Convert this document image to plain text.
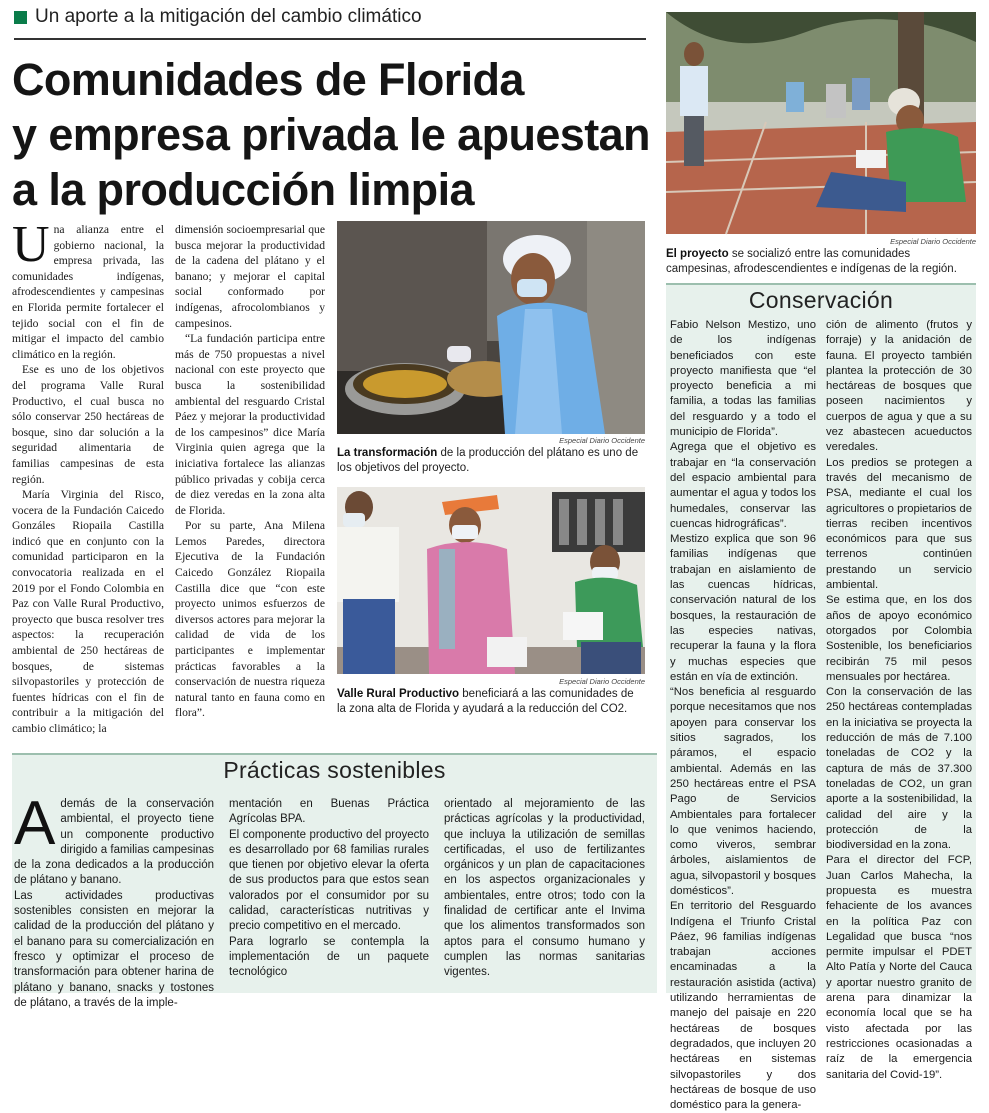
Un aporte a la mitigación del cambio climático
Comunidades de Florida
y empresa privada le apuestan
a la producción limpia

Una alianza entre el gobierno nacional, la empresa privada, las comunidades indígenas, afrodescendientes y campesinas en Florida permite fortalecer el tejido social con el fin de mitigar el impacto del cambio climático en la región.

Ese es uno de los objetivos del programa Valle Rural Productivo, el cual busca no sólo conservar 250 hectáreas de bosque, sino dar solución a la seguridad alimentaria de familias campesinas de esta región.

María Virginia del Risco, vocera de la Fundación Caicedo Gonzáles Riopaila Castilla indicó que en conjunto con la comunidad participaron en la convocatoria realizada en el 2019 por el Fondo Colombia en Paz con Valle Rural Productivo, proyecto que busca resolver tres aspectos: la recuperación ambiental de 250 hectáreas de bosques, de sistemas silvopastoriles y protección de fuentes hídricas con el fin de contribuir a la mitigación del cambio climático; la

dimensión socioempresarial que busca mejorar la productividad de la cadena del plátano y el banano; y mejorar el capital social conformado por indígenas, afrocolombianos y campesinos.

“La fundación participa entre más de 750 propuestas a nivel nacional con este proyecto que busca la sostenibilidad ambiental del resguardo Cristal Páez y mejorar la productividad de los campesinos” dice María Virginia quien agrega que la iniciativa fortalece las alianzas público privadas y cobija cerca de diez veredas en la zona alta de Florida.

Por su parte, Ana Milena Lemos Paredes, directora Ejecutiva de la Fundación Caicedo González Riopaila Castilla dice que “con este proyecto unimos esfuerzos de diversos actores para mejorar la calidad de vida de los participantes e implementar prácticas favorables a la conservación de nuestra riqueza natural tanto en fauna como en flora”.

Especial Diario Occidente
La transformación de la producción del plátano es uno de los objetivos del proyecto.
Especial Diario Occidente
Valle Rural Productivo beneficiará a las comunidades de la zona alta de Florida y ayudará a la reducción del CO2.
Especial Diario Occidente
El proyecto se socializó entre las comunidades campesinas, afrodescendientes e indígenas de la región.
Conservación

Fabio Nelson Mestizo, uno de los indígenas beneficiados con este proyecto manifiesta que “el proyecto beneficia a mi familia, a todas las familias del resguardo y a todo el municipio de Florida”.

Agrega que el objetivo es trabajar en “la conservación del espacio ambiental para aumentar el agua y todos los humedales, conservar las cuencas hidrográficas”.

Mestizo explica que son 96 familias indígenas que trabajan en aislamiento de las cuencas hídricas, conservación natural de los bosques, la restauración de las especies nativas, recuperar la fauna y la flora y muchas especies que están en vía de extinción.

“Nos beneficia al resguardo porque necesitamos que nos apoyen para conservar los sitios sagrados, los páramos, el espacio ambiental. Además en las 250 hectáreas entre el PSA Pago de Servicios Ambientales para fortalecer lo que venimos haciendo, como viveros, sembrar árboles, aislamientos de agua, silvopastoril y bosques domésticos”.

En territorio del Resguardo Indígena el Triunfo Cristal Páez, 96 familias indígenas trabajan acciones encaminadas a la restauración asistida (activa) utilizando herramientas de manejo del paisaje en 220 hectáreas de bosques degradados, que incluyen 20 hectáreas en sistemas silvopastoriles y dos hectáreas de bosque de uso doméstico para la genera-

ción de alimento (frutos y forraje) y la anidación de fauna. El proyecto también plantea la protección de 30 hectáreas de bosques que poseen nacimientos y cuerpos de agua y que a su vez abastecen acueductos veredales.

Los predios se protegen a través del mecanismo de PSA, mediante el cual los agricultores o propietarios de tierras reciben incentivos económicos para que sus terrenos continúen prestando un servicio ambiental.

Se estima que, en los dos años de apoyo económico otorgados por Colombia Sostenible, los beneficiarios recibirán 75 mil pesos mensuales por hectárea.

Con la conservación de las 250 hectáreas contempladas en la iniciativa se proyecta la reducción de más de 7.100 toneladas de CO2 y la captura de más de 37.300 toneladas de CO2, un gran aporte a la sostenibilidad, la calidad del aire y la protección de la biodiversidad en la zona.

Para el director del FCP, Juan Carlos Mahecha, la propuesta es muestra fehaciente de los avances en la política Paz con Legalidad que busca “nos permite impulsar el PDET Alto Patía y Norte del Cauca y aportar nuestro granito de arena para dinamizar la economía local que se ha visto afectada por las restricciones ocasionadas a raíz de la emergencia sanitaria del Covid-19”.

Prácticas sostenibles

Además de la conservación ambiental, el proyecto tiene un componente productivo dirigido a familias campesinas de la zona dedicados a la producción de plátano y banano.

Las actividades productivas sostenibles consisten en mejorar la calidad de la producción del plátano y el banano para su comercialización en fresco y optimizar el proceso de transformación para obtener harina de plátano y banano, snacks y tostones de plátano, a través de la imple-

mentación en Buenas Práctica Agrícolas BPA.

El componente productivo del proyecto es desarrollado por 68 familias rurales que tienen por objetivo elevar la oferta de sus productos para que estos sean valorados por el consumidor por su calidad, características nutritivas y precio competitivo en el mercado.

Para lograrlo se contempla la implementación de un paquete tecnológico

orientado al mejoramiento de las prácticas agrícolas y la productividad, que incluya la utilización de semillas certificadas, el uso de fertilizantes orgánicos y un plan de capacitaciones en los aspectos organizacionales y ambientales, entre otros; todo con la finalidad de certificar ante el Invima que los alimentos transformados son aptos para el consumo humano y cumplen las normas sanitarias vigentes.
